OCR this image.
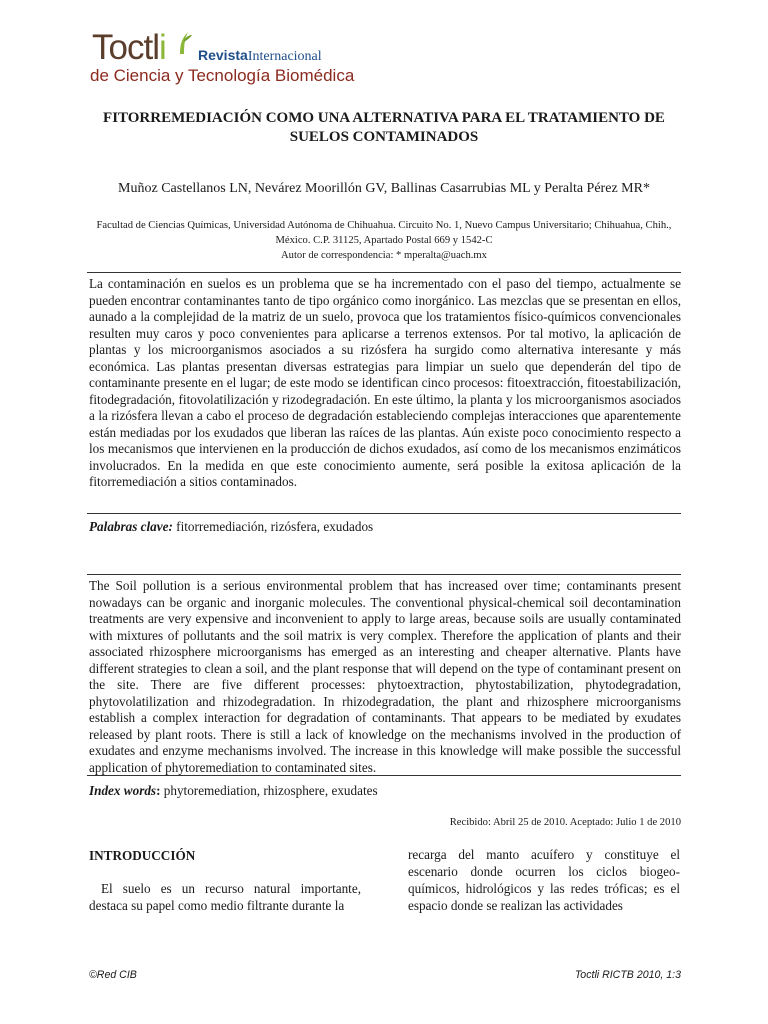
Toctli RevistaInternacional
de Ciencia y Tecnología Biomédica
FITORREMEDIACIÓN COMO UNA ALTERNATIVA PARA EL TRATAMIENTO DE SUELOS CONTAMINADOS
Muñoz Castellanos LN, Nevárez Moorillón GV, Ballinas Casarrubias ML y Peralta Pérez MR*
Facultad de Ciencias Químicas, Universidad Autónoma de Chihuahua. Circuito No. 1, Nuevo Campus Universitario; Chihuahua, Chih., México. C.P. 31125, Apartado Postal 669 y 1542-C
Autor de correspondencia: * mperalta@uach.mx

La contaminación en suelos es un problema que se ha incrementado con el paso del tiempo, actualmente se pueden encontrar contaminantes tanto de tipo orgánico como inorgánico. Las mezclas que se presentan en ellos, aunado a la complejidad de la matriz de un suelo, provoca que los tratamientos físico-químicos convencionales resulten muy caros y poco convenientes para aplicarse a terrenos extensos. Por tal motivo, la aplicación de plantas y los microorganismos asociados a su rizósfera ha surgido como alternativa interesante y más económica. Las plantas presentan diversas estrategias para limpiar un suelo que dependerán del tipo de contaminante presente en el lugar; de este modo se identifican cinco procesos: fitoextracción, fitoestabilización, fitodegradación, fitovolatilización y rizodegradación. En este último, la planta y los microorganismos asociados a la rizósfera llevan a cabo el proceso de degradación estableciendo complejas interacciones que aparentemente están mediadas por los exudados que liberan las raíces de las plantas. Aún existe poco conocimiento respecto a los mecanismos que intervienen en la producción de dichos exudados, así como de los mecanismos enzimáticos involucrados. En la medida en que este conocimiento aumente, será posible la exitosa aplicación de la fitorremediación a sitios contaminados.

Palabras clave: fitorremediación, rizósfera, exudados

The Soil pollution is a serious environmental problem that has increased over time; contaminants present nowadays can be organic and inorganic molecules. The conventional physical-chemical soil decontamination treatments are very expensive and inconvenient to apply to large areas, because soils are usually contaminated with mixtures of pollutants and the soil matrix is very complex. Therefore the application of plants and their associated rhizosphere microorganisms has emerged as an interesting and cheaper alternative. Plants have different strategies to clean a soil, and the plant response that will depend on the type of contaminant present on the site. There are five different processes: phytoextraction, phytostabilization, phytodegradation, phytovolatilization and rhizodegradation. In rhizodegradation, the plant and rhizosphere microorganisms establish a complex interaction for degradation of contaminants. That appears to be mediated by exudates released by plant roots. There is still a lack of knowledge on the mechanisms involved in the production of exudates and enzyme mechanisms involved. The increase in this knowledge will make possible the successful application of phytoremediation to contaminated sites.

Index words: phytoremediation, rhizosphere, exudates
Recibido: Abril 25 de 2010. Aceptado: Julio 1 de 2010
INTRODUCCIÓN
El suelo es un recurso natural importante, destaca su papel como medio filtrante durante la
recarga del manto acuífero y constituye el escenario donde ocurren los ciclos biogeo-químicos, hidrológicos y las redes tróficas; es el espacio donde se realizan las actividades
©Red CIB	Toctli RICTB 2010, 1:3
